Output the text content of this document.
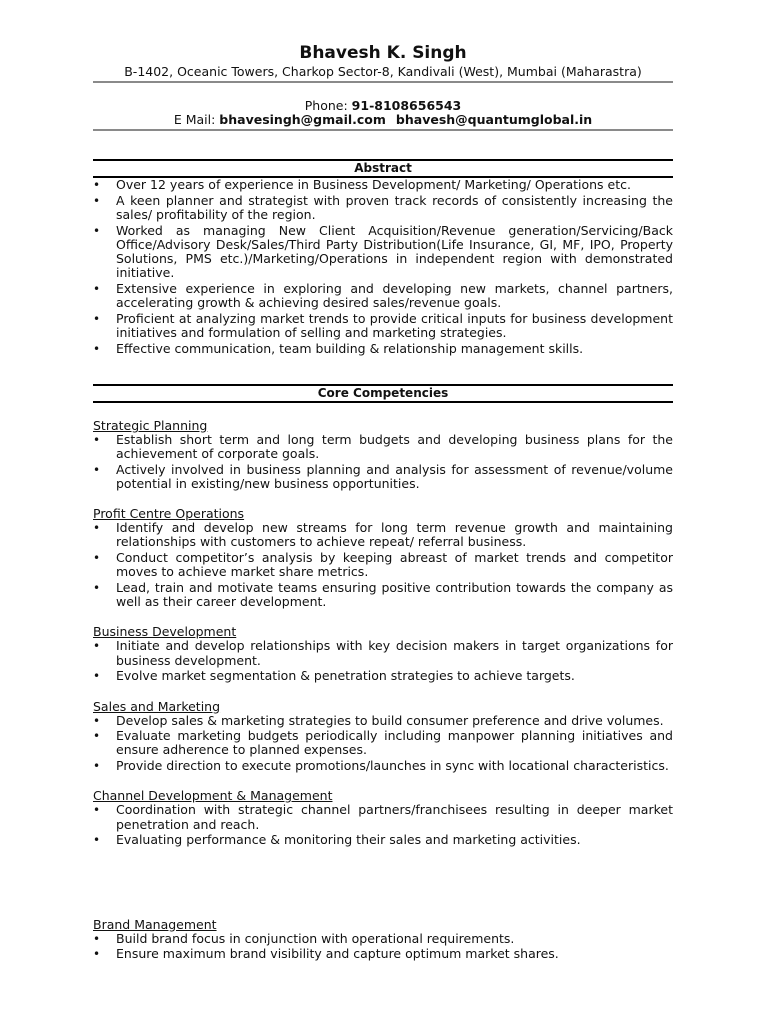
Bhavesh K. Singh
B-1402, Oceanic Towers, Charkop Sector-8, Kandivali (West), Mumbai (Maharastra)
Phone: 91-8108656543
E Mail: bhavesingh@gmail.com bhavesh@quantumglobal.in
Abstract
• Over 12 years of experience in Business Development/ Marketing/ Operations etc.
• A keen planner and strategist with proven track records of consistently increasing the sales/ profitability of the region.
• Worked as managing New Client Acquisition/Revenue generation/Servicing/Back Office/Advisory Desk/Sales/Third Party Distribution(Life Insurance, GI, MF, IPO, Property Solutions, PMS etc.)/Marketing/Operations in independent region with demonstrated initiative.
• Extensive experience in exploring and developing new markets, channel partners, accelerating growth & achieving desired sales/revenue goals.
• Proficient at analyzing market trends to provide critical inputs for business development initiatives and formulation of selling and marketing strategies.
• Effective communication, team building & relationship management skills.
Core Competencies
Strategic Planning
• Establish short term and long term budgets and developing business plans for the achievement of corporate goals.
• Actively involved in business planning and analysis for assessment of revenue/volume potential in existing/new business opportunities.
Profit Centre Operations
• Identify and develop new streams for long term revenue growth and maintaining relationships with customers to achieve repeat/ referral business.
• Conduct competitor’s analysis by keeping abreast of market trends and competitor moves to achieve market share metrics.
• Lead, train and motivate teams ensuring positive contribution towards the company as well as their career development.
Business Development
• Initiate and develop relationships with key decision makers in target organizations for business development.
• Evolve market segmentation & penetration strategies to achieve targets.
Sales and Marketing
• Develop sales & marketing strategies to build consumer preference and drive volumes.
• Evaluate marketing budgets periodically including manpower planning initiatives and ensure adherence to planned expenses.
• Provide direction to execute promotions/launches in sync with locational characteristics.
Channel Development & Management
• Coordination with strategic channel partners/franchisees resulting in deeper market penetration and reach.
• Evaluating performance & monitoring their sales and marketing activities.
Brand Management
• Build brand focus in conjunction with operational requirements.
• Ensure maximum brand visibility and capture optimum market shares.
